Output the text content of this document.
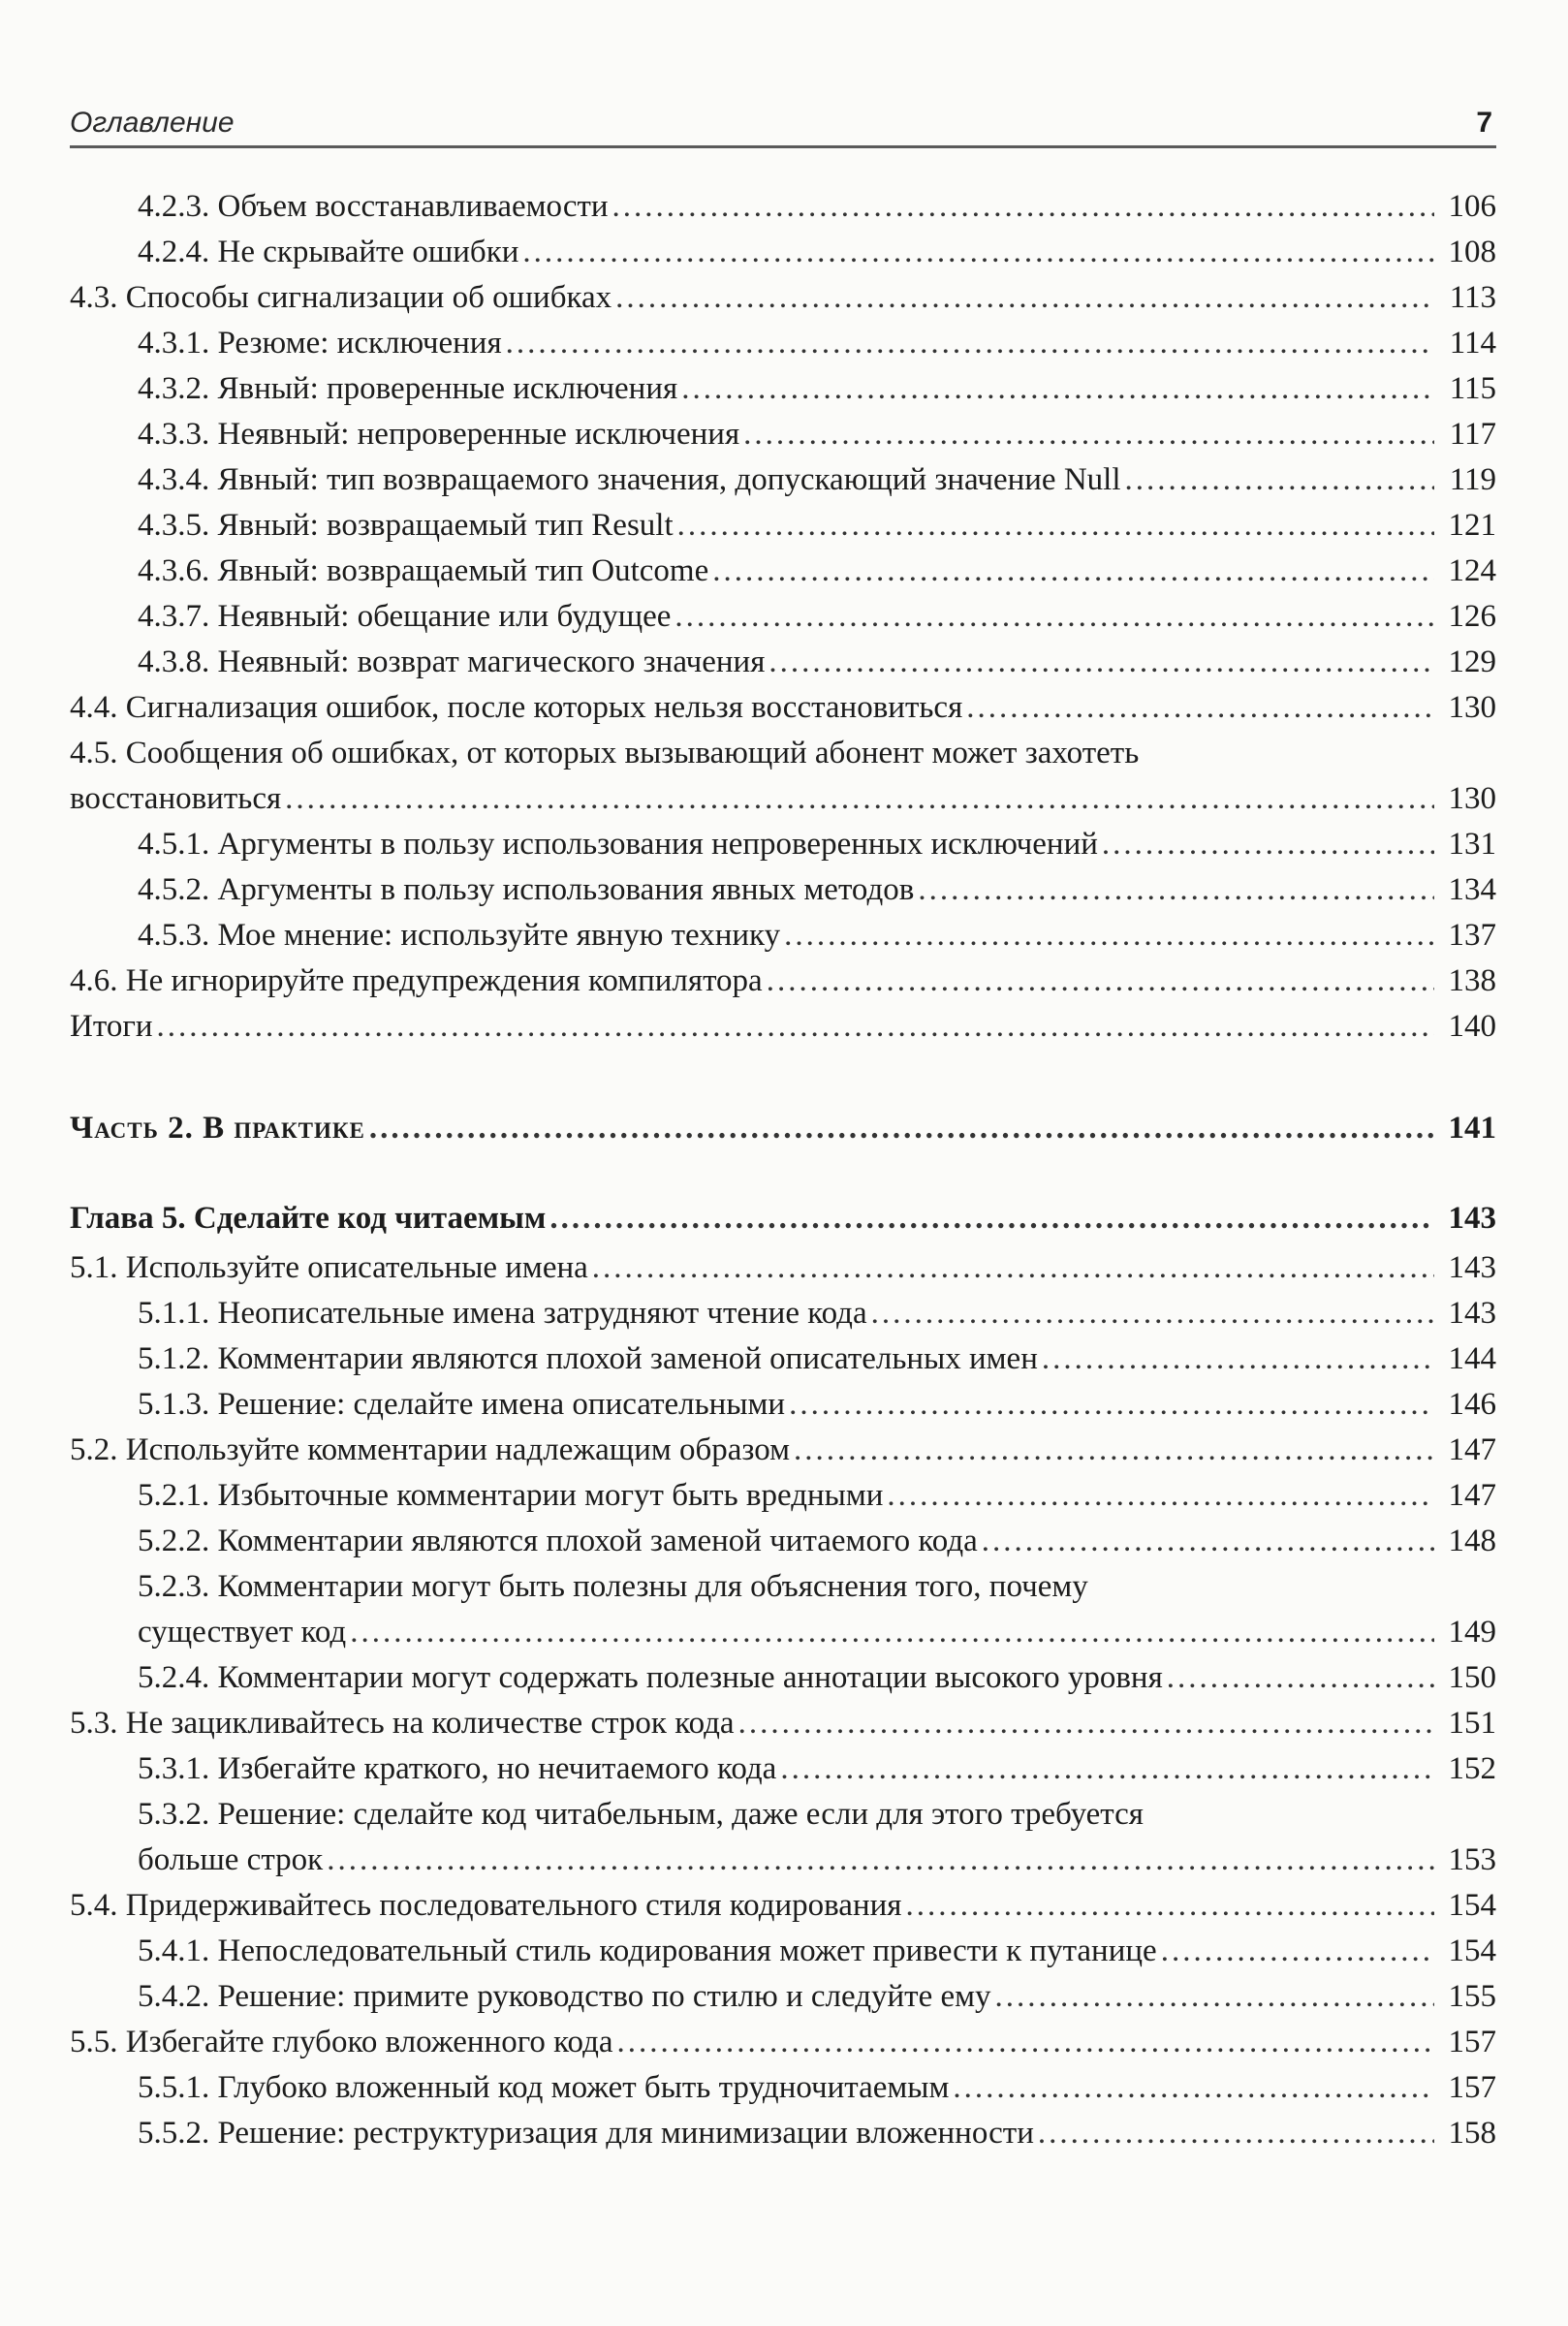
Оглавление	7
4.2.3. Объем восстанавливаемости .....	106
4.2.4. Не скрывайте ошибки .....	108
4.3. Способы сигнализации об ошибках .....	113
4.3.1. Резюме: исключения .....	114
4.3.2. Явный: проверенные исключения .....	115
4.3.3. Неявный: непроверенные исключения .....	117
4.3.4. Явный: тип возвращаемого значения, допускающий значение Null .....	119
4.3.5. Явный: возвращаемый тип Result .....	121
4.3.6. Явный: возвращаемый тип Outcome .....	124
4.3.7. Неявный: обещание или будущее .....	126
4.3.8. Неявный: возврат магического значения .....	129
4.4. Сигнализация ошибок, после которых нельзя восстановиться .....	130
4.5. Сообщения об ошибках, от которых вызывающий абонент может захотеть
восстановиться .....	130
4.5.1. Аргументы в пользу использования непроверенных исключений .....	131
4.5.2. Аргументы в пользу использования явных методов .....	134
4.5.3. Мое мнение: используйте явную технику .....	137
4.6. Не игнорируйте предупреждения компилятора .....	138
Итоги .....	140
Часть 2. В практике .....	141
Глава 5. Сделайте код читаемым .....	143
5.1. Используйте описательные имена .....	143
5.1.1. Неописательные имена затрудняют чтение кода .....	143
5.1.2. Комментарии являются плохой заменой описательных имен .....	144
5.1.3. Решение: сделайте имена описательными .....	146
5.2. Используйте комментарии надлежащим образом .....	147
5.2.1. Избыточные комментарии могут быть вредными .....	147
5.2.2. Комментарии являются плохой заменой читаемого кода .....	148
5.2.3. Комментарии могут быть полезны для объяснения того, почему
существует код .....	149
5.2.4. Комментарии могут содержать полезные аннотации высокого уровня .....	150
5.3. Не зацикливайтесь на количестве строк кода .....	151
5.3.1. Избегайте краткого, но нечитаемого кода .....	152
5.3.2. Решение: сделайте код читабельным, даже если для этого требуется
больше строк .....	153
5.4. Придерживайтесь последовательного стиля кодирования .....	154
5.4.1. Непоследовательный стиль кодирования может привести к путанице .....	154
5.4.2. Решение: примите руководство по стилю и следуйте ему .....	155
5.5. Избегайте глубоко вложенного кода .....	157
5.5.1. Глубоко вложенный код может быть трудночитаемым .....	157
5.5.2. Решение: реструктуризация для минимизации вложенности .....	158
